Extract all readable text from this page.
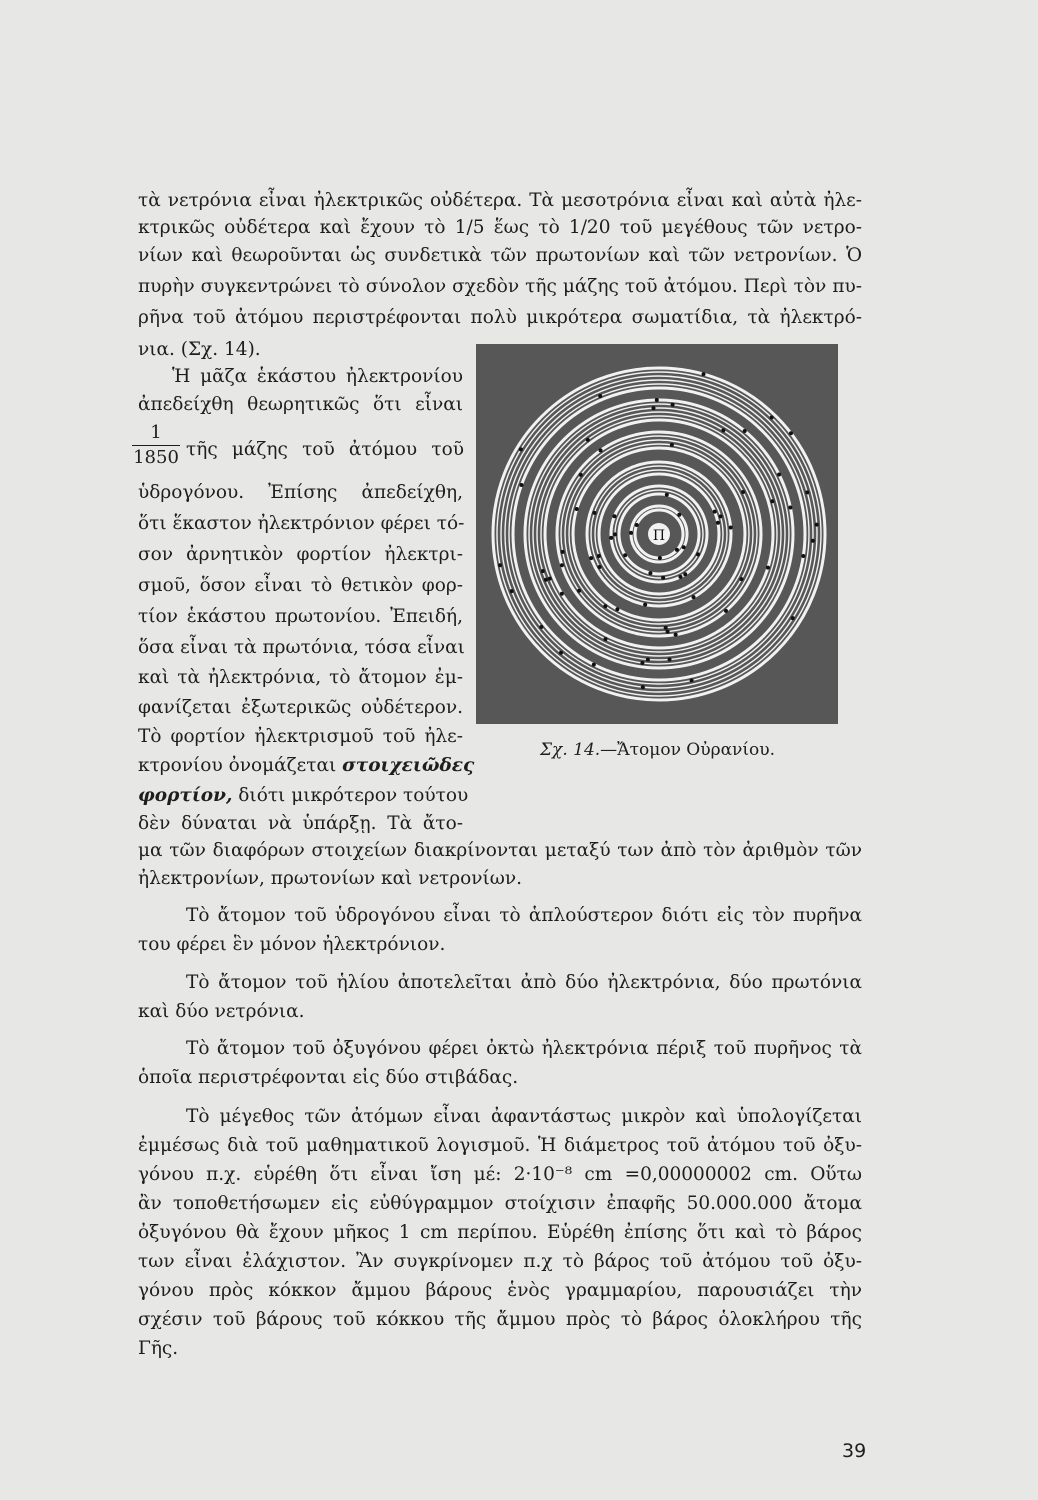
τὰ νετρόνια εἶναι ἠλεκτρικῶς οὐδέτερα. Τὰ μεσοτρόνια εἶναι καὶ αὐτὰ ἠλε-
κτρικῶς οὐδέτερα καὶ ἔχουν τὸ 1/5 ἕως τὸ 1/20 τοῦ μεγέθους τῶν νετρο-
νίων καὶ θεωροῦνται ὡς συνδετικὰ τῶν πρωτονίων καὶ τῶν νετρονίων. Ὁ
πυρὴν συγκεντρώνει τὸ σύνολον σχεδὸν τῆς μάζης τοῦ ἀτόμου. Περὶ τὸν πυ-
ρῆνα τοῦ ἀτόμου περιστρέφονται πολὺ μικρότερα σωματίδια, τὰ ἠλεκτρό-
νια. (Σχ. 14).
Ἡ μᾶζα ἑκάστου ἠλεκτρονίου
ἀπεδείχθη θεωρητικῶς ὅτι εἶναι
1
1850 τῆς μάζης τοῦ ἀτόμου τοῦ
ὑδρογόνου. Ἐπίσης ἀπεδείχθη,
ὅτι ἕκαστον ἠλεκτρόνιον φέρει τό-
σον ἀρνητικὸν φορτίον ἠλεκτρι-
σμοῦ, ὅσον εἶναι τὸ θετικὸν φορ-
τίον ἑκάστου πρωτονίου. Ἐπειδή,
ὅσα εἶναι τὰ πρωτόνια, τόσα εἶναι
καὶ τὰ ἠλεκτρόνια, τὸ ἄτομον ἐμ-
φανίζεται ἐξωτερικῶς οὐδέτερον.
Τὸ φορτίον ἠλεκτρισμοῦ τοῦ ἠλε-
κτρονίου ὀνομάζεται στοιχειῶδες
φορτίον, διότι μικρότερον τούτου
δὲν δύναται νὰ ὑπάρξῃ. Τὰ ἄτο-
μα τῶν διαφόρων στοιχείων διακρίνονται μεταξύ των ἀπὸ τὸν ἀριθμὸν τῶν
ἠλεκτρονίων, πρωτονίων καὶ νετρονίων.
Τὸ ἄτομον τοῦ ὑδρογόνου εἶναι τὸ ἁπλούστερον διότι εἰς τὸν πυρῆνα
του φέρει ἓν μόνον ἠλεκτρόνιον.
Τὸ ἄτομον τοῦ ἡλίου ἀποτελεῖται ἀπὸ δύο ἠλεκτρόνια, δύο πρωτόνια
καὶ δύο νετρόνια.
Τὸ ἄτομον τοῦ ὀξυγόνου φέρει ὀκτὼ ἠλεκτρόνια πέριξ τοῦ πυρῆνος τὰ
ὁποῖα περιστρέφονται εἰς δύο στιβάδας.
Τὸ μέγεθος τῶν ἀτόμων εἶναι ἀφαντάστως μικρὸν καὶ ὑπολογίζεται
ἐμμέσως διὰ τοῦ μαθηματικοῦ λογισμοῦ. Ἡ διάμετρος τοῦ ἀτόμου τοῦ ὀξυ-
γόνου π.χ. εὑρέθη ὅτι εἶναι ἴση μέ: 2·10⁻⁸ cm =0,00000002 cm. Οὕτω
ἂν τοποθετήσωμεν εἰς εὐθύγραμμον στοίχισιν ἐπαφῆς 50.000.000 ἄτομα
ὀξυγόνου θὰ ἔχουν μῆκος 1 cm περίπου. Εὑρέθη ἐπίσης ὅτι καὶ τὸ βάρος
των εἶναι ἐλάχιστον. Ἂν συγκρίνομεν π.χ τὸ βάρος τοῦ ἀτόμου τοῦ ὀξυ-
γόνου πρὸς κόκκον ἄμμου βάρους ἑνὸς γραμμαρίου, παρουσιάζει τὴν
σχέσιν τοῦ βάρους τοῦ κόκκου τῆς ἄμμου πρὸς τὸ βάρος ὁλοκλήρου τῆς
Γῆς.
Π
Σχ. 14.—Ἄτομον Οὐρανίου.
39
